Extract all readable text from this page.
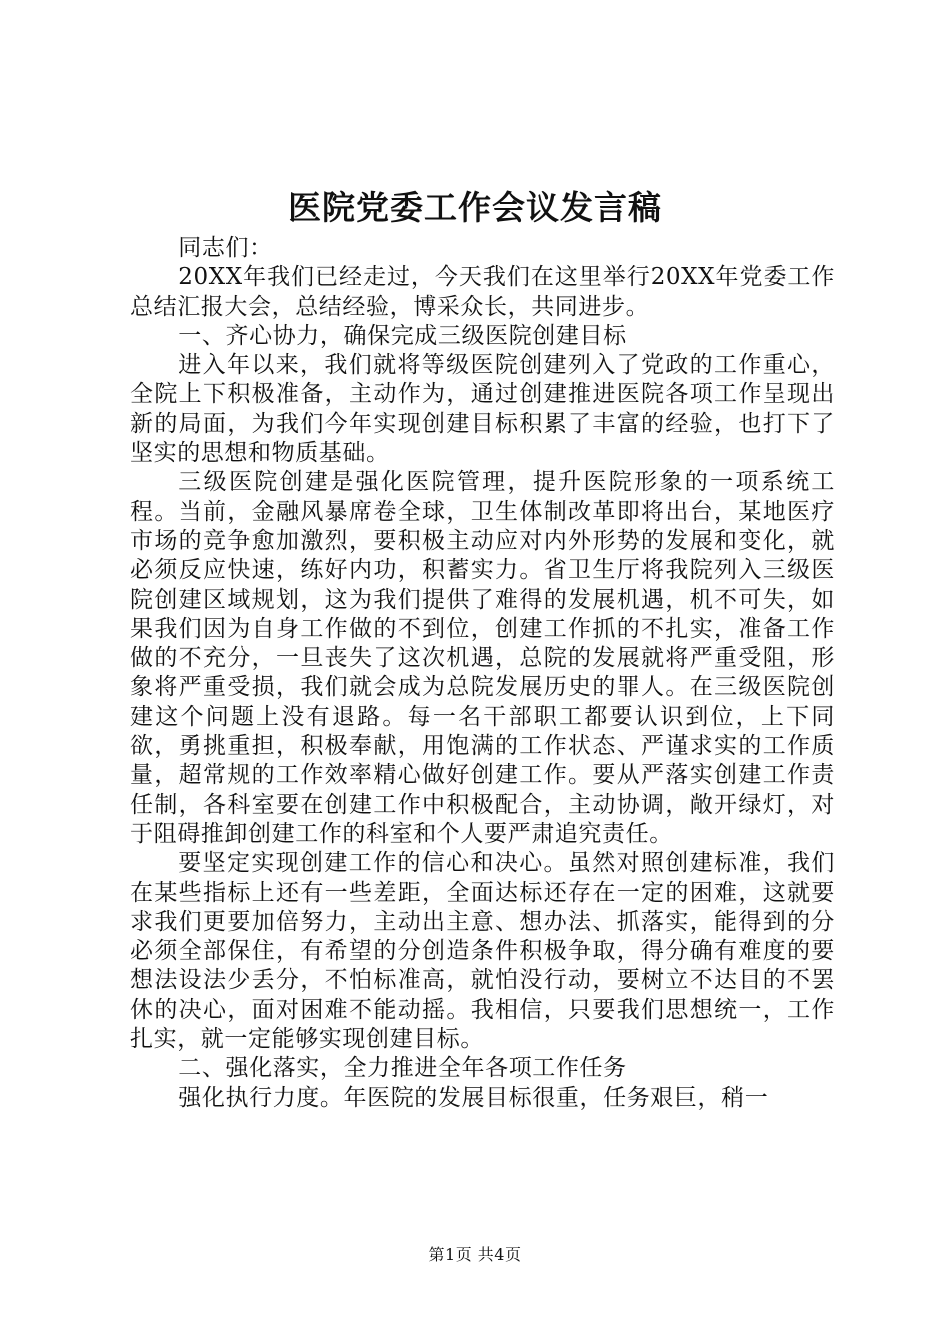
医院党委工作会议发言稿

同志们：

20XX年我们已经走过，今天我们在这里举行20XX年党委工作总结汇报大会，总结经验，博采众长，共同进步。

一、齐心协力，确保完成三级医院创建目标

进入年以来，我们就将等级医院创建列入了党政的工作重心，全院上下积极准备，主动作为，通过创建推进医院各项工作呈现出新的局面，为我们今年实现创建目标积累了丰富的经验，也打下了坚实的思想和物质基础。

三级医院创建是强化医院管理，提升医院形象的一项系统工程。当前，金融风暴席卷全球，卫生体制改革即将出台，某地医疗市场的竞争愈加激烈，要积极主动应对内外形势的发展和变化，就必须反应快速，练好内功，积蓄实力。省卫生厅将我院列入三级医院创建区域规划，这为我们提供了难得的发展机遇，机不可失，如果我们因为自身工作做的不到位，创建工作抓的不扎实，准备工作做的不充分，一旦丧失了这次机遇，总院的发展就将严重受阻，形象将严重受损，我们就会成为总院发展历史的罪人。在三级医院创建这个问题上没有退路。每一名干部职工都要认识到位，上下同欲，勇挑重担，积极奉献，用饱满的工作状态、严谨求实的工作质量，超常规的工作效率精心做好创建工作。要从严落实创建工作责任制，各科室要在创建工作中积极配合，主动协调，敞开绿灯，对于阻碍推卸创建工作的科室和个人要严肃追究责任。

要坚定实现创建工作的信心和决心。虽然对照创建标准，我们在某些指标上还有一些差距，全面达标还存在一定的困难，这就要求我们更要加倍努力，主动出主意、想办法、抓落实，能得到的分必须全部保住，有希望的分创造条件积极争取，得分确有难度的要想法设法少丢分，不怕标准高，就怕没行动，要树立不达目的不罢休的决心，面对困难不能动摇。我相信，只要我们思想统一，工作扎实，就一定能够实现创建目标。

二、强化落实，全力推进全年各项工作任务

强化执行力度。年医院的发展目标很重，任务艰巨，稍一

第1页 共4页
